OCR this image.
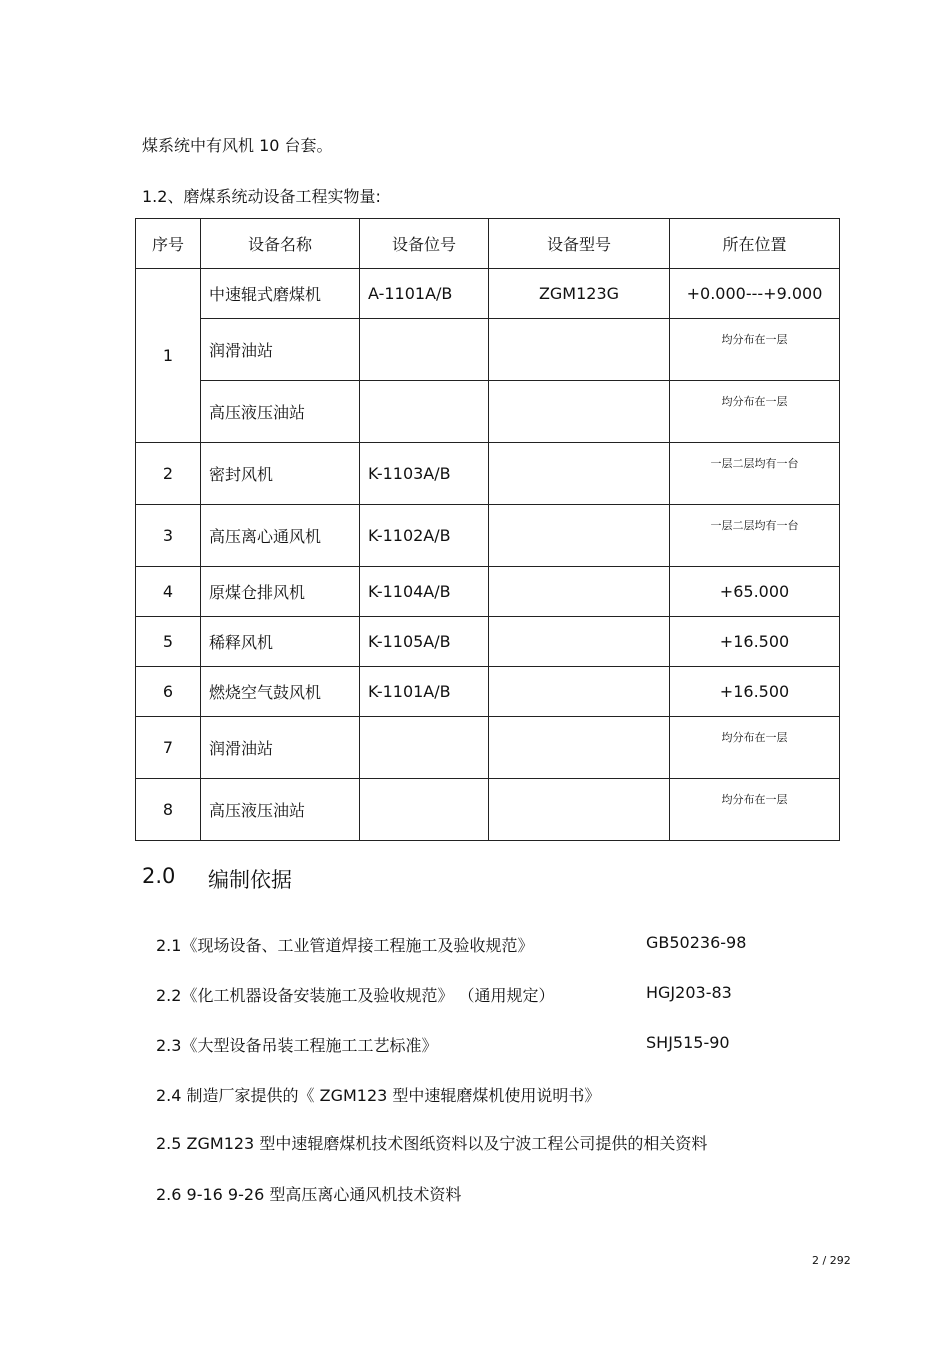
煤系统中有风机 10 台套。
1.2、磨煤系统动设备工程实物量:
序号	设备名称	设备位号	设备型号	所在位置
1	中速辊式磨煤机	A-1101A/B	ZGM123G	+0.000---+9.000
	润滑油站			均分布在一层
	高压液压油站			均分布在一层
2	密封风机	K-1103A/B		一层二层均有一台
3	高压离心通风机	K-1102A/B		一层二层均有一台
4	原煤仓排风机	K-1104A/B		+65.000
5	稀释风机	K-1105A/B		+16.500
6	燃烧空气鼓风机	K-1101A/B		+16.500
7	润滑油站			均分布在一层
8	高压液压油站			均分布在一层
2.0 编制依据
2.1《现场设备、工业管道焊接工程施工及验收规范》	GB50236-98
2.2《化工机器设备安装施工及验收规范》 （通用规定）	HGJ203-83
2.3《大型设备吊装工程施工工艺标准》	SHJ515-90
2.4 制造厂家提供的《 ZGM123 型中速辊磨煤机使用说明书》
2.5 ZGM123 型中速辊磨煤机技术图纸资料以及宁波工程公司提供的相关资料
2.6 9-16 9-26 型高压离心通风机技术资料
2 / 292
